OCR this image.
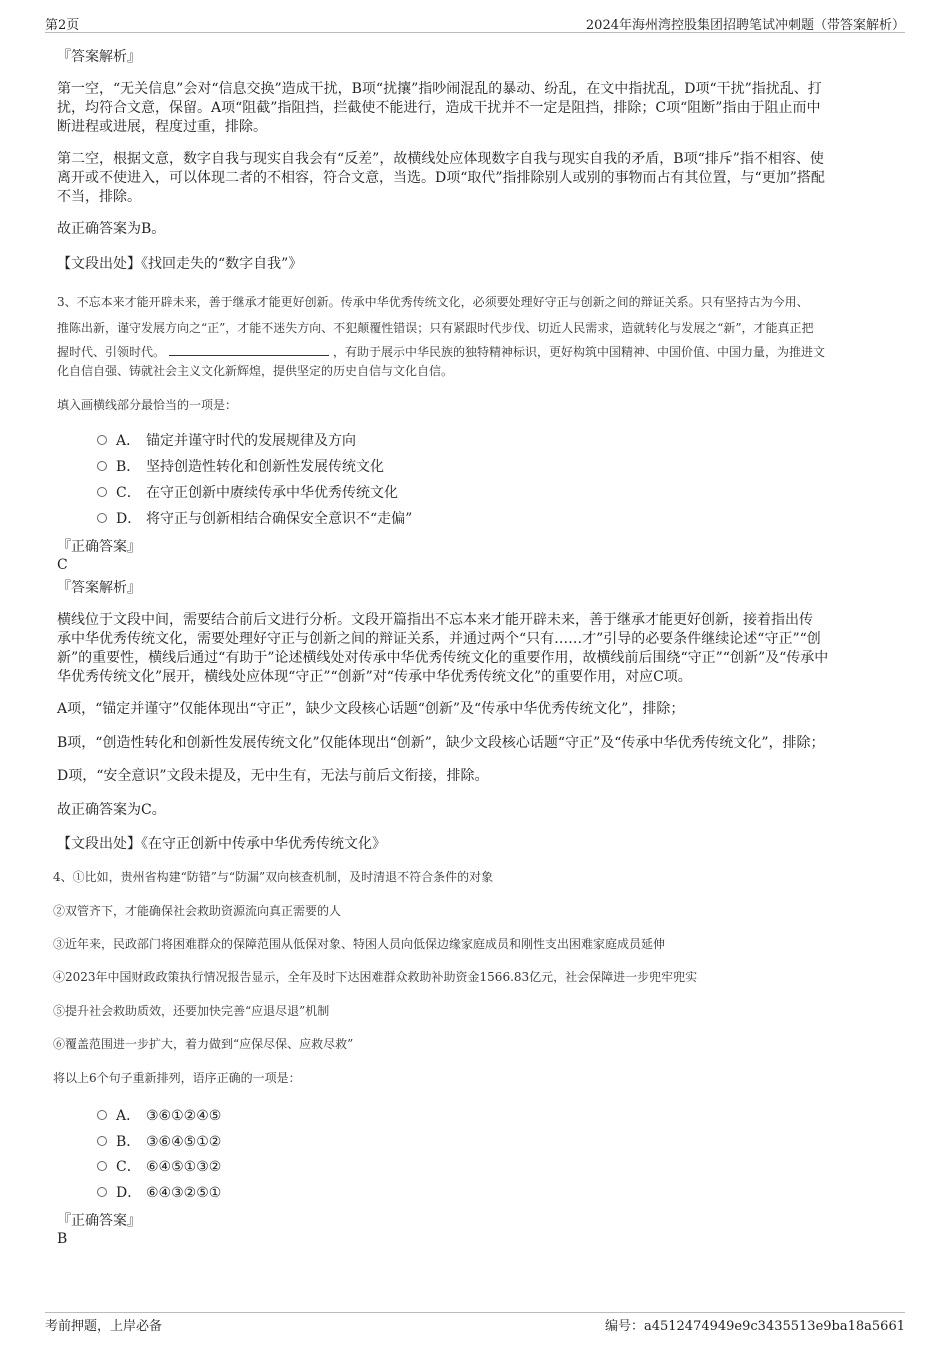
第2页	2024年海州湾控股集团招聘笔试冲刺题（带答案解析）
『答案解析』
第一空，“无关信息”会对“信息交换”造成干扰，B项“扰攘”指吵闹混乱的暴动、纷乱，在文中指扰乱，D项“干扰”指扰乱、打
扰，均符合文意，保留。A项“阻截”指阻挡，拦截使不能进行，造成干扰并不一定是阻挡，排除；C项“阻断”指由于阻止而中
断进程或进展，程度过重，排除。
第二空，根据文意，数字自我与现实自我会有“反差”，故横线处应体现数字自我与现实自我的矛盾，B项“排斥”指不相容、使
离开或不使进入，可以体现二者的不相容，符合文意，当选。D项“取代”指排除别人或别的事物而占有其位置，与“更加”搭配
不当，排除。
故正确答案为B。
【文段出处】《找回走失的“数字自我”》
3、不忘本来才能开辟未来，善于继承才能更好创新。传承中华优秀传统文化，必须要处理好守正与创新之间的辩证关系。只有坚持古为今用、
推陈出新，谨守发展方向之“正”，才能不迷失方向、不犯颠覆性错误；只有紧跟时代步伐、切近人民需求，造就转化与发展之“新”，才能真正把
握时代、引领时代。	，有助于展示中华民族的独特精神标识，更好构筑中国精神、中国价值、中国力量，为推进文
化自信自强、铸就社会主义文化新辉煌，提供坚定的历史自信与文化自信。
填入画横线部分最恰当的一项是：
A． 锚定并谨守时代的发展规律及方向
B． 坚持创造性转化和创新性发展传统文化
C． 在守正创新中赓续传承中华优秀传统文化
D． 将守正与创新相结合确保安全意识不“走偏”
『正确答案』
C
『答案解析』
横线位于文段中间，需要结合前后文进行分析。文段开篇指出不忘本来才能开辟未来，善于继承才能更好创新，接着指出传
承中华优秀传统文化，需要处理好守正与创新之间的辩证关系，并通过两个“只有……才”引导的必要条件继续论述“守正”“创
新”的重要性，横线后通过“有助于”论述横线处对传承中华优秀传统文化的重要作用，故横线前后围绕“守正”“创新”及“传承中
华优秀传统文化”展开，横线处应体现“守正”“创新”对“传承中华优秀传统文化”的重要作用，对应C项。
A项，“锚定并谨守”仅能体现出“守正”，缺少文段核心话题“创新”及“传承中华优秀传统文化”，排除；
B项，“创造性转化和创新性发展传统文化”仅能体现出“创新”，缺少文段核心话题“守正”及“传承中华优秀传统文化”，排除；
D项，“安全意识”文段未提及，无中生有，无法与前后文衔接，排除。
故正确答案为C。
【文段出处】《在守正创新中传承中华优秀传统文化》
4、①比如，贵州省构建“防错”与“防漏”双向核查机制，及时清退不符合条件的对象
②双管齐下，才能确保社会救助资源流向真正需要的人
③近年来，民政部门将困难群众的保障范围从低保对象、特困人员向低保边缘家庭成员和刚性支出困难家庭成员延伸
④2023年中国财政政策执行情况报告显示，全年及时下达困难群众救助补助资金1566.83亿元，社会保障进一步兜牢兜实
⑤提升社会救助质效，还要加快完善“应退尽退”机制
⑥覆盖范围进一步扩大，着力做到“应保尽保、应救尽救”
将以上6个句子重新排列，语序正确的一项是：
A． ③⑥①②④⑤
B． ③⑥④⑤①②
C． ⑥④⑤①③②
D． ⑥④③②⑤①
『正确答案』
B
考前押题，上岸必备	编号：a4512474949e9c3435513e9ba18a5661
